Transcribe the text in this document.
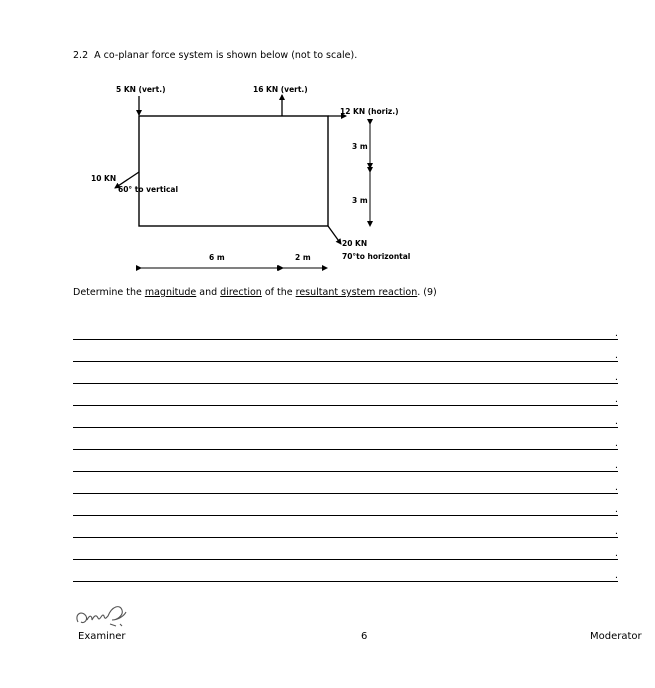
2.2 A co-planar force system is shown below (not to scale).
5 KN (vert.)	16 KN (vert.)
12 KN (horiz.)
3 m
3 m
10 KN
60° to vertical
20 KN
70°to horizontal
6 m	2 m
Determine the magnitude and direction of the resultant system reaction. (9)
.
.
.
.
.
.
.
.
.
.
.
.
Examiner	6	Moderator
